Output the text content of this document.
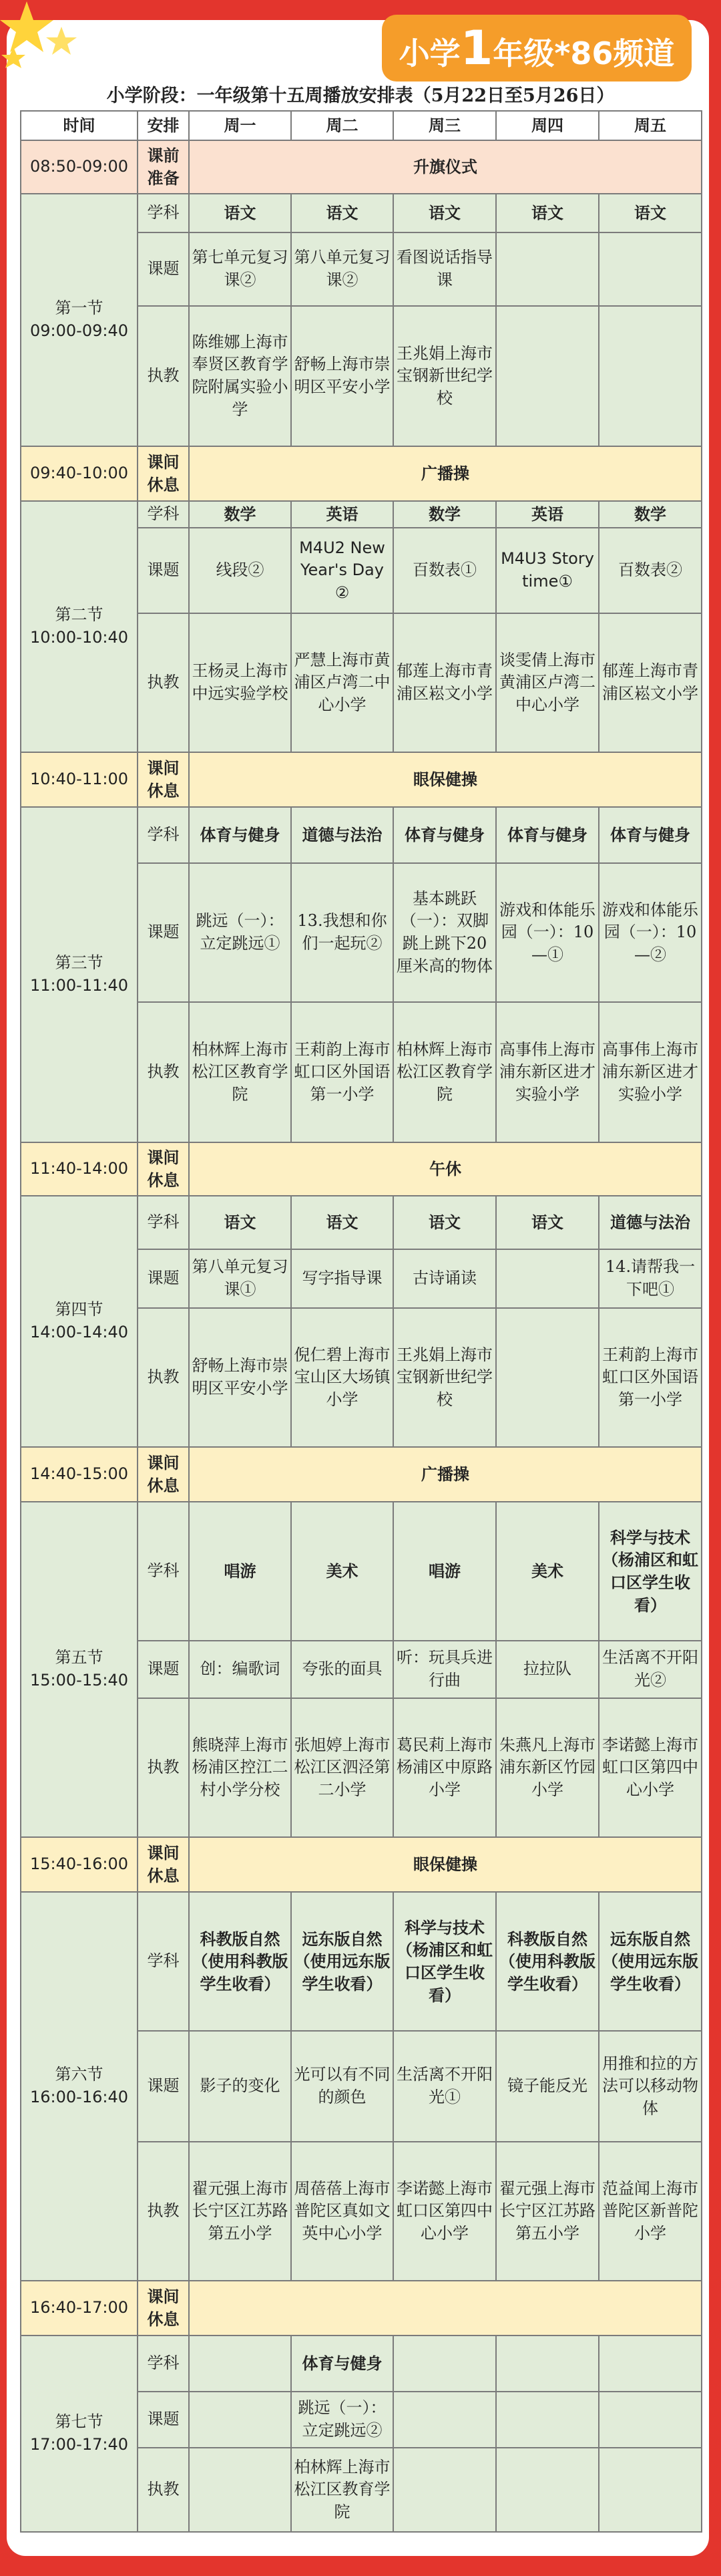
小学1年级*86频道
小学阶段：一年级第十五周播放安排表（5月22日至5月26日）
时间	安排	周一	周二	周三	周四	周五
08:50-09:00	课前准备	升旗仪式				
第一节
09:00-09:40	学科	语文	语文	语文	语文	语文
	课题	第七单元复习课②	第八单元复习课②	看图说话指导课		
	执教	陈维娜上海市奉贤区教育学院附属实验小学	舒畅上海市崇明区平安小学	王兆娟上海市宝钢新世纪学校		
09:40-10:00	课间休息	广播操				
第二节
10:00-10:40	学科	数学	英语	数学	英语	数学
	课题	线段②	M4U2 New Year's Day②	百数表①	M4U3 Story time①	百数表②
	执教	王杨灵上海市中远实验学校	严慧上海市黄浦区卢湾二中心小学	郁莲上海市青浦区崧文小学	谈雯倩上海市黄浦区卢湾二中心小学	郁莲上海市青浦区崧文小学
10:40-11:00	课间休息	眼保健操				
第三节
11:00-11:40	学科	体育与健身	道德与法治	体育与健身	体育与健身	体育与健身
	课题	跳远（一）：立定跳远①	13.我想和你们一起玩②	基本跳跃（一）：双脚跳上跳下20厘米高的物体	游戏和体能乐园（一）：10—①	游戏和体能乐园（一）：10—②
	执教	柏林辉上海市松江区教育学院	王莉韵上海市虹口区外国语第一小学	柏林辉上海市松江区教育学院	高事伟上海市浦东新区进才实验小学	高事伟上海市浦东新区进才实验小学
11:40-14:00	课间休息	午休				
第四节
14:00-14:40	学科	语文	语文	语文	语文	道德与法治
	课题	第八单元复习课①	写字指导课	古诗诵读		14.请帮我一下吧①
	执教	舒畅上海市崇明区平安小学	倪仁碧上海市宝山区大场镇小学	王兆娟上海市宝钢新世纪学校		王莉韵上海市虹口区外国语第一小学
14:40-15:00	课间休息	广播操				
第五节
15:00-15:40	学科	唱游	美术	唱游	美术	科学与技术（杨浦区和虹口区学生收看）
	课题	创：编歌词	夸张的面具	听：玩具兵进行曲	拉拉队	生活离不开阳光②
	执教	熊晓萍上海市杨浦区控江二村小学分校	张旭婷上海市松江区泗泾第二小学	葛民莉上海市杨浦区中原路小学	朱燕凡上海市浦东新区竹园小学	李诺懿上海市虹口区第四中心小学
15:40-16:00	课间休息	眼保健操				
第六节
16:00-16:40	学科	科教版自然（使用科教版学生收看）	远东版自然（使用远东版学生收看）	科学与技术（杨浦区和虹口区学生收看）	科教版自然（使用科教版学生收看）	远东版自然（使用远东版学生收看）
	课题	影子的变化	光可以有不同的颜色	生活离不开阳光①	镜子能反光	用推和拉的方法可以移动物体
	执教	翟元强上海市长宁区江苏路第五小学	周蓓蓓上海市普陀区真如文英中心小学	李诺懿上海市虹口区第四中心小学	翟元强上海市长宁区江苏路第五小学	范益闻上海市普陀区新普陀小学
16:40-17:00	课间休息					
第七节
17:00-17:40	学科		体育与健身			
	课题		跳远（一）：立定跳远②			
	执教		柏林辉上海市松江区教育学院			
